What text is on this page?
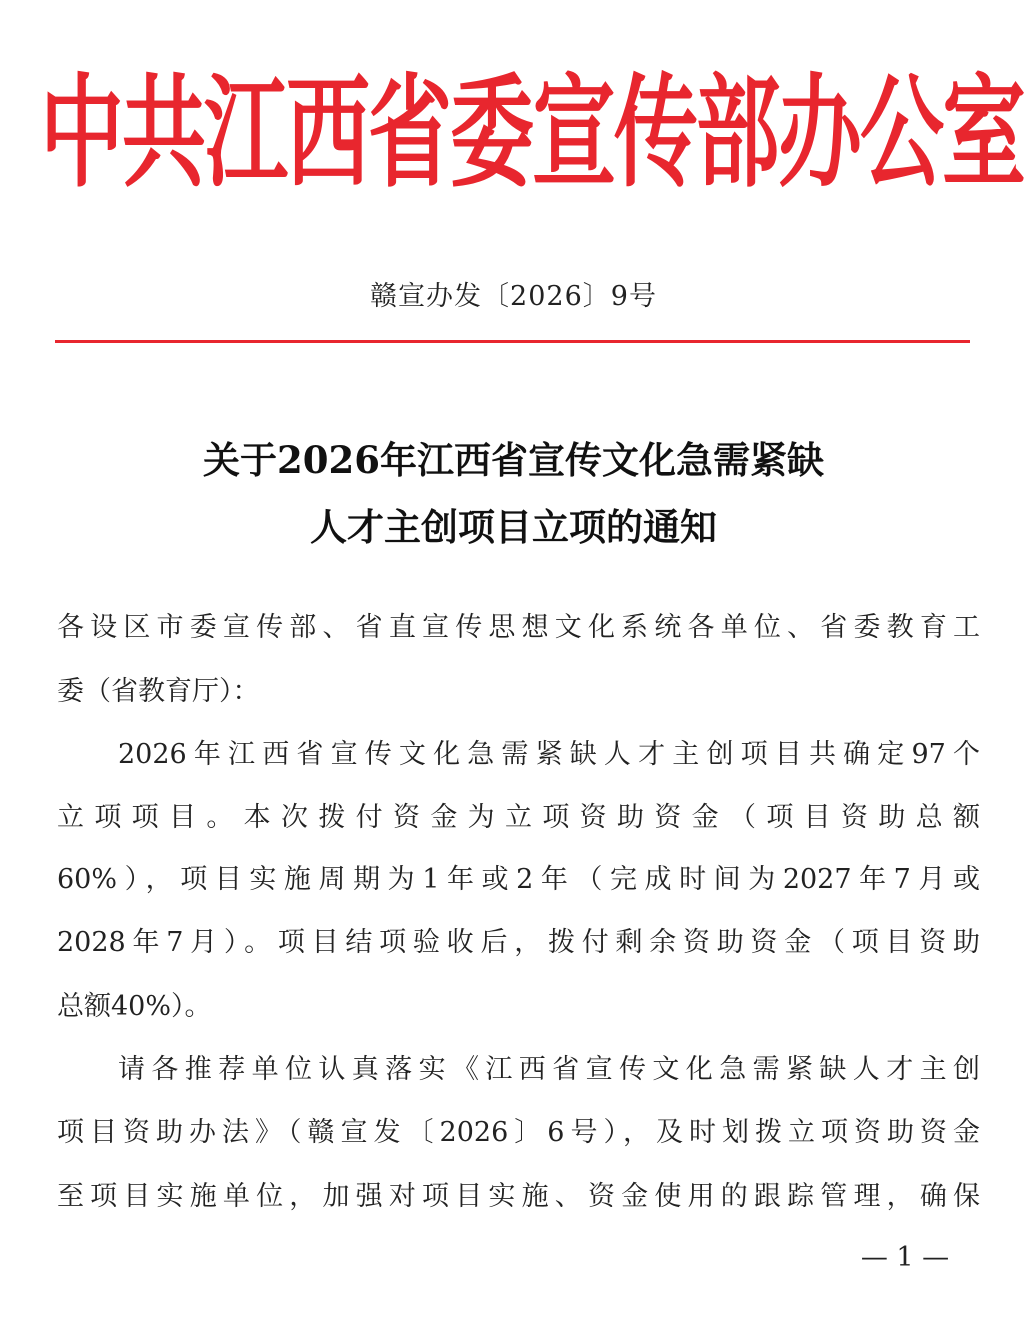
中共江西省委宣传部办公室
赣宣办发〔2026〕9号
关于2026年江西省宣传文化急需紧缺
人才主创项目立项的通知
各设区市委宣传部、省直宣传思想文化系统各单位、省委教育工
委（省教育厅）：
2026年江西省宣传文化急需紧缺人才主创项目共确定97个
立项项目。本次拨付资金为立项资助资金（项目资助总额
60%），项目实施周期为1年或2年（完成时间为2027年7月或
2028年7月）。项目结项验收后，拨付剩余资助资金（项目资助
总额40%）。
请各推荐单位认真落实《江西省宣传文化急需紧缺人才主创
项目资助办法》（赣宣发〔2026〕6号），及时划拨立项资助资金
至项目实施单位，加强对项目实施、资金使用的跟踪管理，确保
— 1 —
